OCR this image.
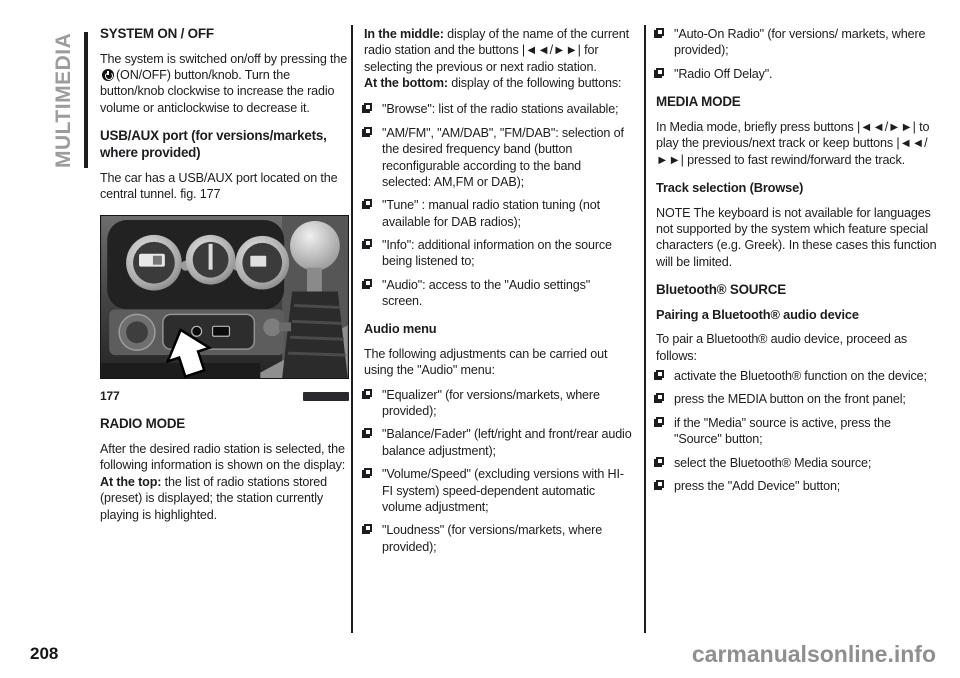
MULTIMEDIA SYSTEM ON / OFF

The system is switched on/off by pressing the(ON/OFF) button/knob. Turn the button/knob clockwise to increase the radio volume or anticlockwise to decrease it.

USB/AUX port (for versions/markets, where provided)

The car has a USB/AUX port located on the central tunnel. fig. 177

177
RADIO MODE

After the desired radio station is selected, the following information is shown on the display:
At the top: the list of radio stations stored (preset) is displayed; the station currently playing is highlighted.

In the middle: display of the name of the current radio station and the buttons |◄◄/►►| for selecting the previous or next radio station.
At the bottom: display of the following buttons:

"Browse": list of the radio stations available;
"AM/FM", "AM/DAB", "FM/DAB": selection of the desired frequency band (button reconfigurable according to the band selected: AM,FM or DAB);
"Tune" : manual radio station tuning (not available for DAB radios);
"Info": additional information on the source being listened to;
"Audio": access to the "Audio settings" screen.
Audio menu

The following adjustments can be carried out using the "Audio" menu:

"Equalizer" (for versions/markets, where provided);
"Balance/Fader" (left/right and front/rear audio balance adjustment);
"Volume/Speed" (excluding versions with HI-FI system) speed-dependent automatic volume adjustment;
"Loudness" (for versions/markets, where provided);
"Auto-On Radio" (for versions/ markets, where provided);
"Radio Off Delay".
MEDIA MODE

In Media mode, briefly press buttons |◄◄/►►| to play the previous/next track or keep buttons |◄◄/►►| pressed to fast rewind/forward the track.

Track selection (Browse)

NOTE The keyboard is not available for languages not supported by the system which feature special characters (e.g. Greek). In these cases this function will be limited.

Bluetooth® SOURCE
Pairing a Bluetooth® audio device

To pair a Bluetooth® audio device, proceed as follows:

activate the Bluetooth® function on the device;
press the MEDIA button on the front panel;
if the "Media" source is active, press the "Source" button;
select the Bluetooth® Media source;
press the "Add Device" button;
208	carmanualsonline.info
